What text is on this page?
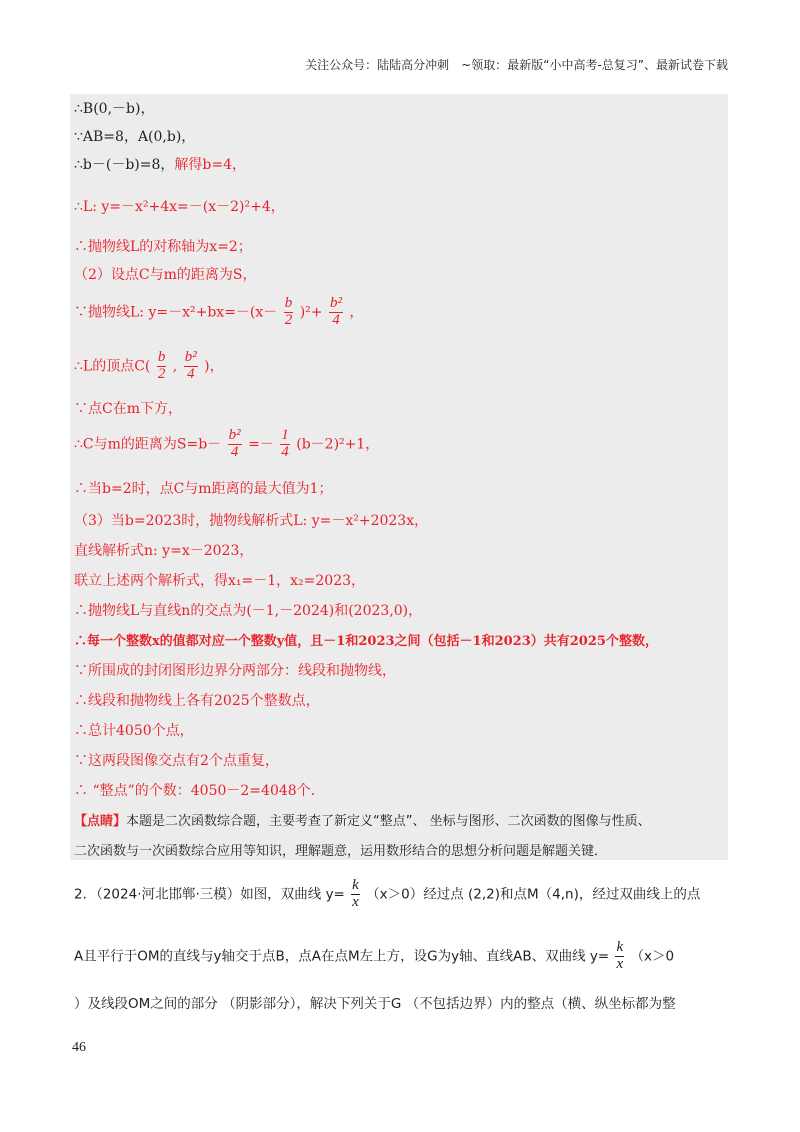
关注公众号：陆陆高分冲刺　~领取：最新版“小中高考-总复习”、最新试卷下载
∴B(0,－b)，
∵AB=8，A(0,b)，
∴b－(－b)=8，解得b=4，
∴L: y=－x²+4x=－(x－2)²+4，
∴抛物线L的对称轴为x=2；
（2）设点C与m的距离为S，
∵抛物线L: $y=-x^2+bx=-(x- \frac{b}{2} )^2+ \frac{\text{b²}}{4}$ ，
∴L的顶点$C( \frac{b}{2}$ , $\frac{\text{b²}}{4}$ )，
∵点C在m下方，
∴C与m的距离为$S=b- \frac{\text{b²}}{4} =- \frac{1}{4} (b-2)^2+1$，
∴当b=2时，点C与m距离的最大值为1；
（3）当b=2023时，抛物线解析式L: y=－x²+2023x，
直线解析式n: y=x－2023，
联立上述两个解析式，得x₁=－1，x₂=2023，
∴抛物线L与直线n的交点为(－1,－2024)和(2023,0)，
∴每一个整数x的值都对应一个整数y值，且－1和2023之间（包括－1和2023）共有2025个整数，
∵所围成的封闭图形边界分两部分：线段和抛物线，
∴线段和抛物线上各有2025个整数点，
∴总计4050个点，
∵这两段图像交点有2个点重复，
∴ “整点”的个数：4050－2=4048个．
【点睛】本题是二次函数综合题，主要考查了新定义“整点”、 坐标与图形、二次函数的图像与性质、
二次函数与一次函数综合应用等知识，理解题意，运用数形结合的思想分析问题是解题关键．
2．（2024·河北邯郸·三模）如图，双曲线 $y= \frac{k}{x} (x>0)$经过点 (2,2)和点M（4,n)，经过双曲线上的点
A且平行于OM的直线与y轴交于点B，点A在点M左上方，设G为y轴、直线AB、双曲线 $y= \frac{k}{x} (x>0$
）及线段OM之间的部分 （阴影部分），解决下列关于G （不包括边界）内的整点（横、纵坐标都为整
46
